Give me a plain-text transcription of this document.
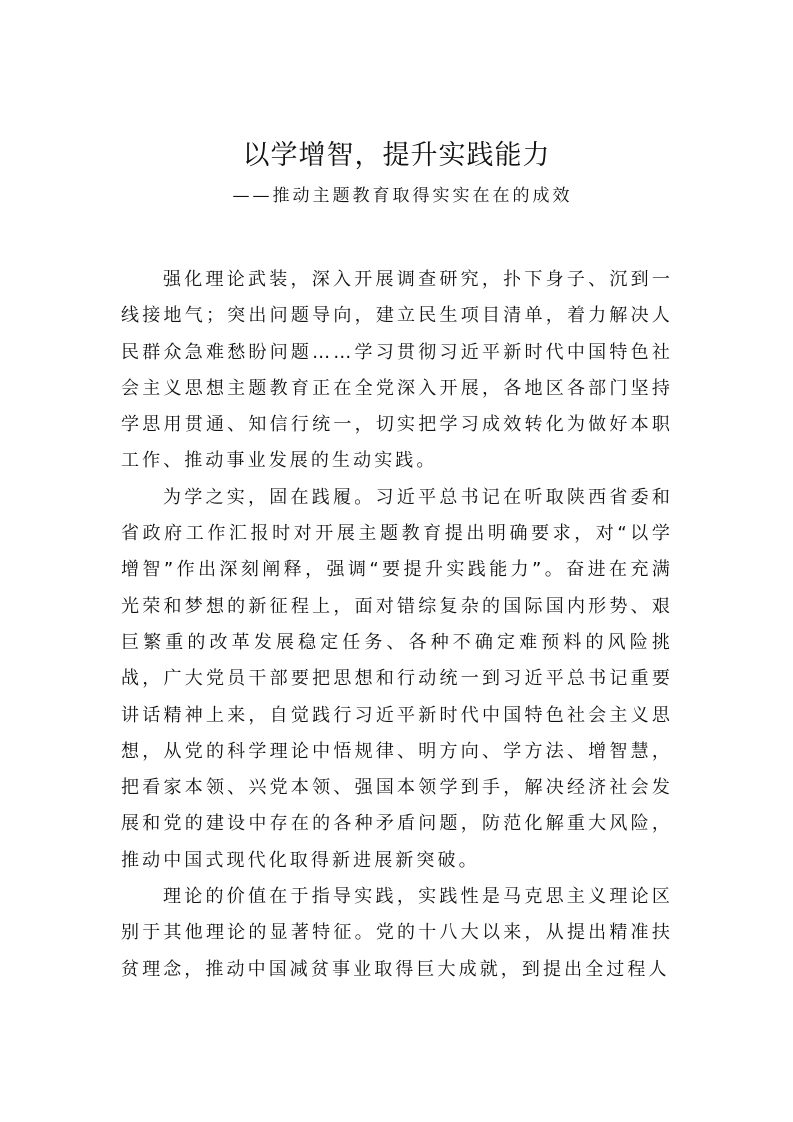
以学增智，提升实践能力
——推动主题教育取得实实在在的成效

强化理论武装，深入开展调查研究，扑下身子、沉到一线接地气；突出问题导向，建立民生项目清单，着力解决人民群众急难愁盼问题……学习贯彻习近平新时代中国特色社会主义思想主题教育正在全党深入开展，各地区各部门坚持学思用贯通、知信行统一，切实把学习成效转化为做好本职工作、推动事业发展的生动实践。

为学之实，固在践履。习近平总书记在听取陕西省委和省政府工作汇报时对开展主题教育提出明确要求，对“以学增智”作出深刻阐释，强调“要提升实践能力”。奋进在充满光荣和梦想的新征程上，面对错综复杂的国际国内形势、艰巨繁重的改革发展稳定任务、各种不确定难预料的风险挑战，广大党员干部要把思想和行动统一到习近平总书记重要讲话精神上来，自觉践行习近平新时代中国特色社会主义思想，从党的科学理论中悟规律、明方向、学方法、增智慧，把看家本领、兴党本领、强国本领学到手，解决经济社会发展和党的建设中存在的各种矛盾问题，防范化解重大风险，推动中国式现代化取得新进展新突破。

理论的价值在于指导实践，实践性是马克思主义理论区别于其他理论的显著特征。党的十八大以来，从提出精准扶贫理念，推动中国减贫事业取得巨大成就，到提出全过程人
